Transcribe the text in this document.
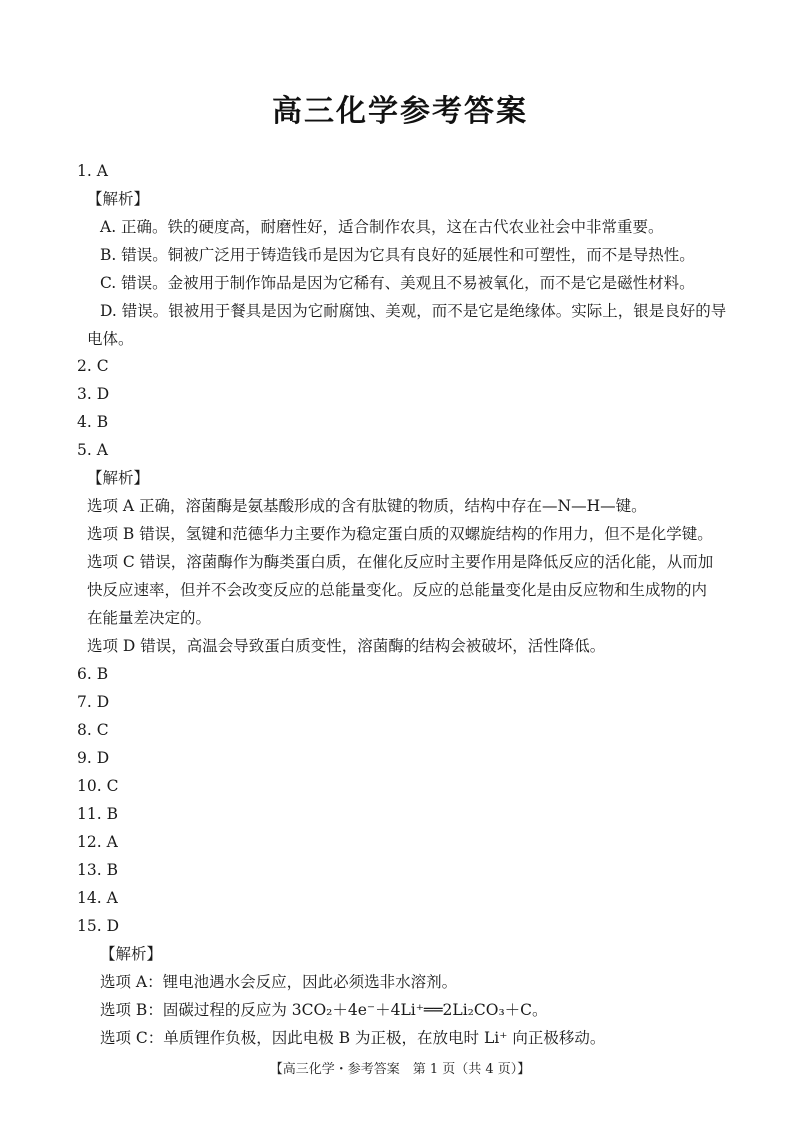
高三化学参考答案
1. A
【解析】
A. 正确。铁的硬度高，耐磨性好，适合制作农具，这在古代农业社会中非常重要。
B. 错误。铜被广泛用于铸造钱币是因为它具有良好的延展性和可塑性，而不是导热性。
C. 错误。金被用于制作饰品是因为它稀有、美观且不易被氧化，而不是它是磁性材料。
D. 错误。银被用于餐具是因为它耐腐蚀、美观，而不是它是绝缘体。实际上，银是良好的导
电体。
2. C
3. D
4. B
5. A
【解析】
选项 A 正确，溶菌酶是氨基酸形成的含有肽键的物质，结构中存在—N—H—键。
选项 B 错误，氢键和范德华力主要作为稳定蛋白质的双螺旋结构的作用力，但不是化学键。
选项 C 错误，溶菌酶作为酶类蛋白质，在催化反应时主要作用是降低反应的活化能，从而加
快反应速率，但并不会改变反应的总能量变化。反应的总能量变化是由反应物和生成物的内
在能量差决定的。
选项 D 错误，高温会导致蛋白质变性，溶菌酶的结构会被破坏，活性降低。
6. B
7. D
8. C
9. D
10. C
11. B
12. A
13. B
14. A
15. D
【解析】
选项 A：锂电池遇水会反应，因此必须选非水溶剂。
选项 B：固碳过程的反应为 3CO₂＋4e⁻＋4Li⁺══2Li₂CO₃＋C。
选项 C：单质锂作负极，因此电极 B 为正极，在放电时 Li⁺ 向正极移动。
【高三化学・参考答案　第 1 页（共 4 页）】
